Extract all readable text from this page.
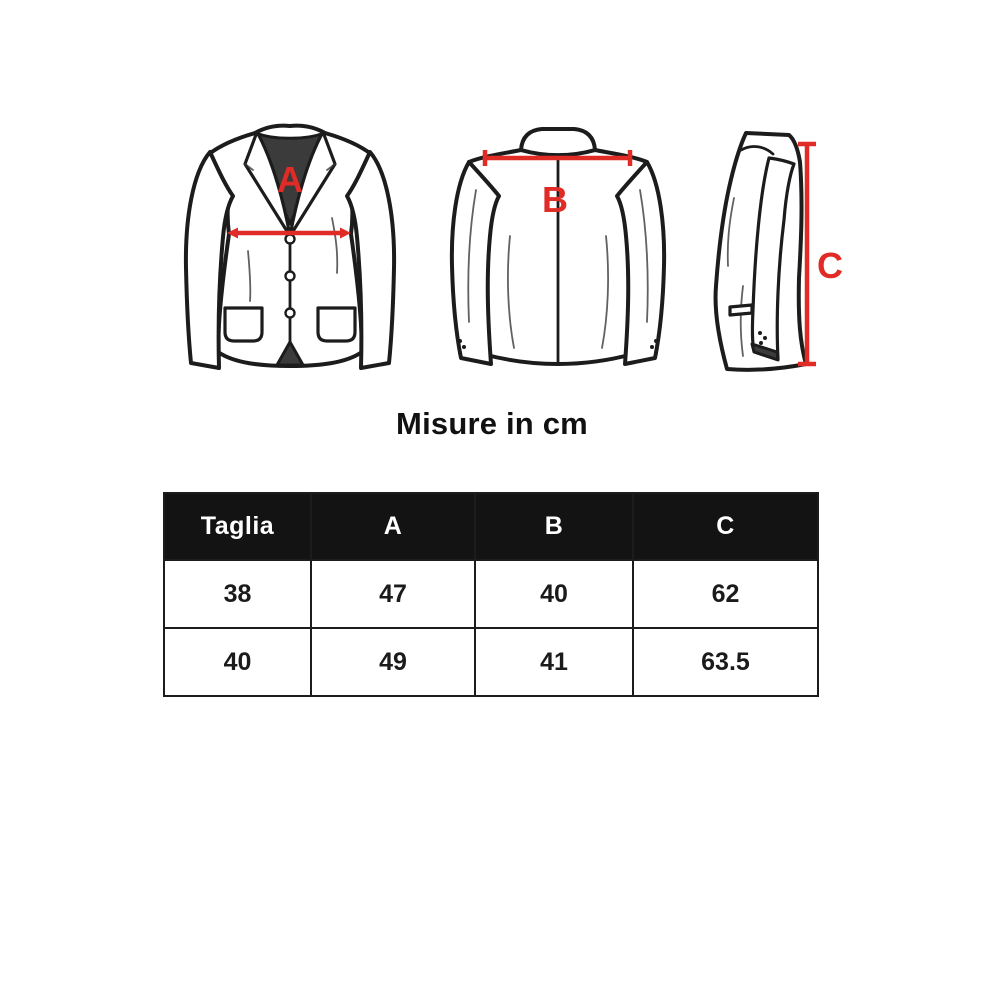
A	B
C
Misure in cm
Taglia	A	B	C
38	47	40	62
40	49	41	63.5
